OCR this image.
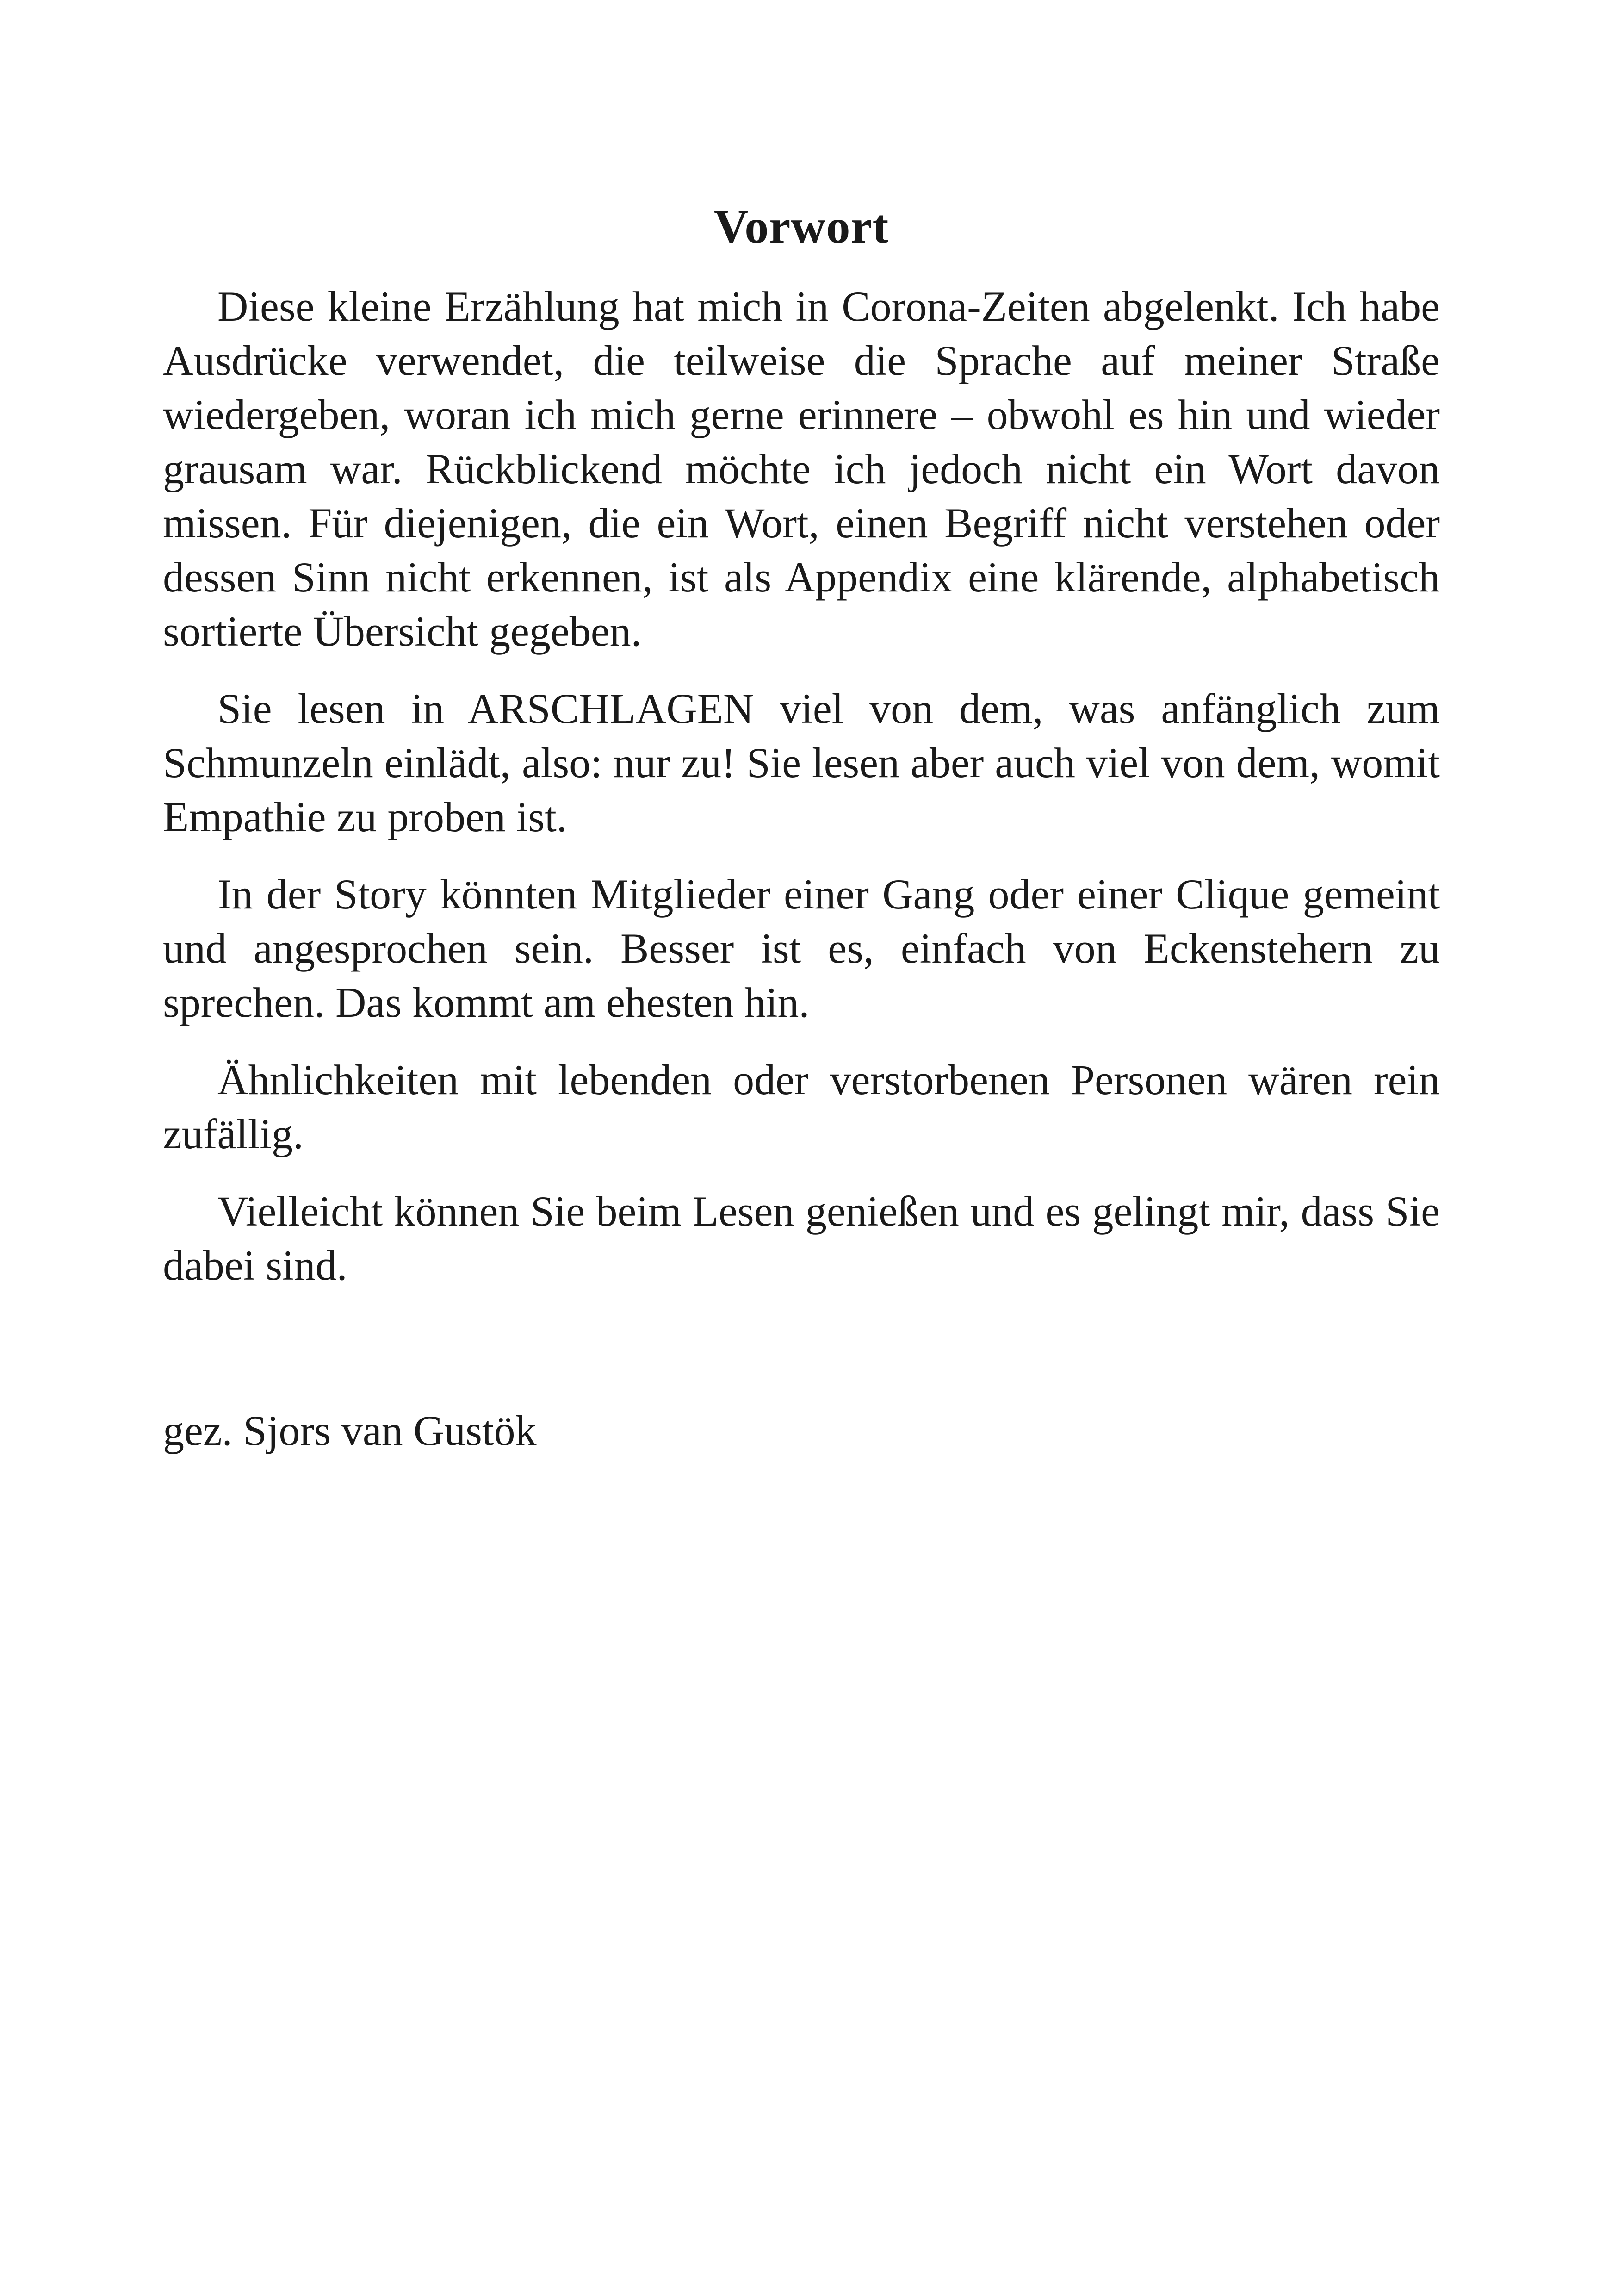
Vorwort

Diese kleine Erzählung hat mich in Corona-Zeiten abgelenkt. Ich habe Ausdrücke verwendet, die teilweise die Sprache auf meiner Straße wiedergeben, woran ich mich gerne erinnere – obwohl es hin und wieder grausam war. Rückblickend möchte ich jedoch nicht ein Wort davon missen. Für diejenigen, die ein Wort, einen Begriff nicht verstehen oder dessen Sinn nicht erkennen, ist als Appendix eine klärende, alphabetisch sortierte Übersicht gegeben.

Sie lesen in ARSCHLAGEN viel von dem, was anfänglich zum Schmunzeln einlädt, also: nur zu! Sie lesen aber auch viel von dem, womit Empathie zu proben ist.

In der Story könnten Mitglieder einer Gang oder einer Clique gemeint und angesprochen sein. Besser ist es, einfach von Eckenstehern zu sprechen. Das kommt am ehesten hin.

Ähnlichkeiten mit lebenden oder verstorbenen Personen wären rein zufällig.

Vielleicht können Sie beim Lesen genießen und es gelingt mir, dass Sie dabei sind.

gez. Sjors van Gustök
